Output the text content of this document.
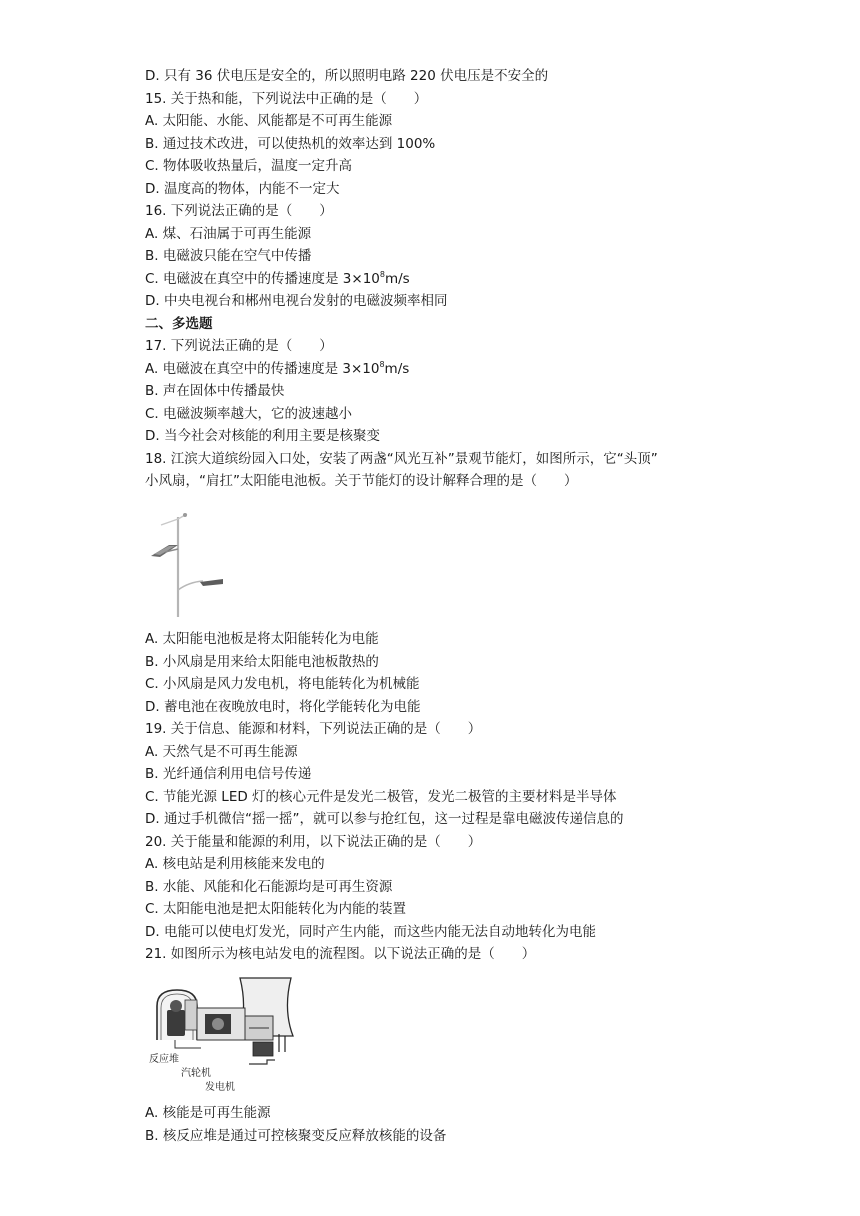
D. 只有 36 伏电压是安全的，所以照明电路 220 伏电压是不安全的
15. 关于热和能，下列说法中正确的是（　　）
A. 太阳能、水能、风能都是不可再生能源
B. 通过技术改进，可以使热机的效率达到 100%
C. 物体吸收热量后，温度一定升高
D. 温度高的物体，内能不一定大
16. 下列说法正确的是（　　）
A. 煤、石油属于可再生能源
B. 电磁波只能在空气中传播
C. 电磁波在真空中的传播速度是 $3\times 10^8m/s$
D. 中央电视台和郴州电视台发射的电磁波频率相同
二、多选题
17. 下列说法正确的是（　　）
A. 电磁波在真空中的传播速度是 $3\times 10^8m/s$
B. 声在固体中传播最快
C. 电磁波频率越大，它的波速越小
D. 当今社会对核能的利用主要是核聚变
18. 江滨大道缤纷园入口处，安装了两盏“风光互补”景观节能灯，如图所示，它“头顶”
小风扇，“肩扛”太阳能电池板。关于节能灯的设计解释合理的是（　　）
A. 太阳能电池板是将太阳能转化为电能
B. 小风扇是用来给太阳能电池板散热的
C. 小风扇是风力发电机，将电能转化为机械能
D. 蓄电池在夜晚放电时，将化学能转化为电能
19. 关于信息、能源和材料，下列说法正确的是（　　）
A. 天然气是不可再生能源
B. 光纤通信利用电信号传递
C. 节能光源 LED 灯的核心元件是发光二极管，发光二极管的主要材料是半导体
D. 通过手机微信“摇一摇”，就可以参与抢红包，这一过程是靠电磁波传递信息的
20. 关于能量和能源的利用，以下说法正确的是（　　）
A. 核电站是利用核能来发电的
B. 水能、风能和化石能源均是可再生资源
C. 太阳能电池是把太阳能转化为内能的装置
D. 电能可以使电灯发光，同时产生内能，而这些内能无法自动地转化为电能
21. 如图所示为核电站发电的流程图。以下说法正确的是（　　）
反应堆
汽轮机
发电机
A. 核能是可再生能源
B. 核反应堆是通过可控核聚变反应释放核能的设备
